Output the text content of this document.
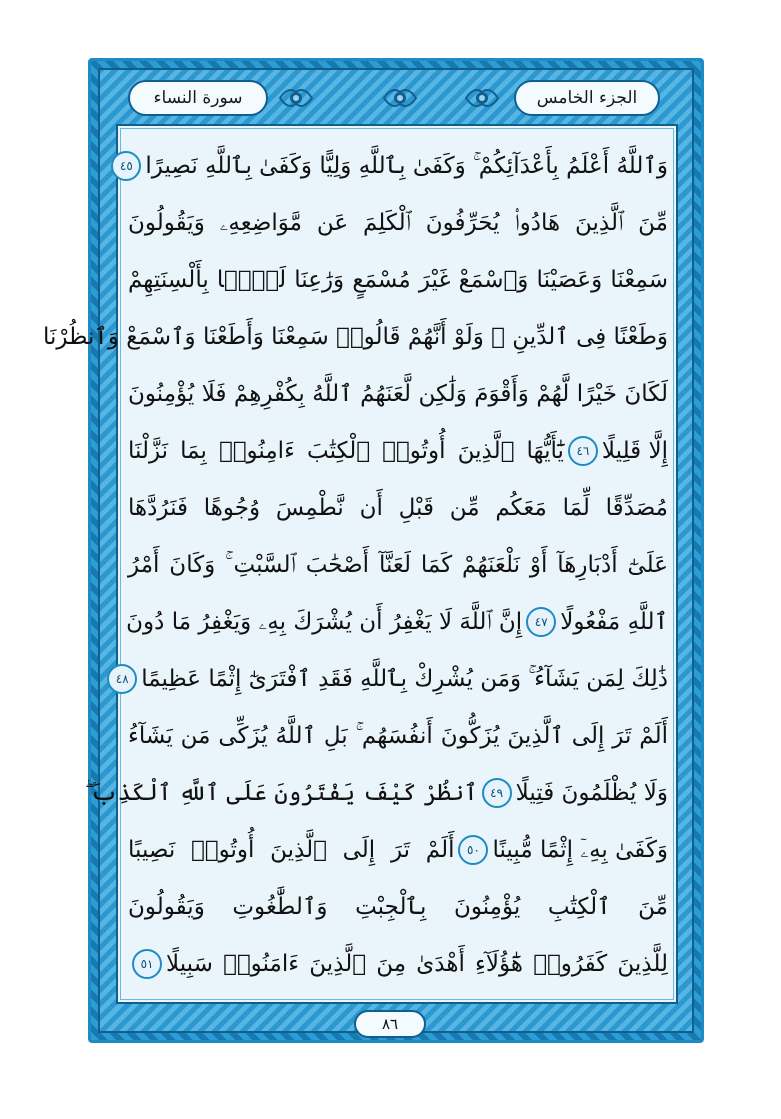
سورة النساء	الجزء الخامس
وَٱللَّهُ أَعْلَمُ بِأَعْدَآئِكُمْ ۚ وَكَفَىٰ بِٱللَّهِ وَلِيًّا وَكَفَىٰ بِٱللَّهِ نَصِيرًا
٤٥
مِّنَ ٱلَّذِينَ هَادُوا۟ يُحَرِّفُونَ ٱلْكَلِمَ عَن مَّوَاضِعِهِۦ وَيَقُولُونَ
سَمِعْنَا وَعَصَيْنَا وَٱسْمَعْ غَيْرَ مُسْمَعٍ وَرَٰعِنَا لَيًّۢا بِأَلْسِنَتِهِمْ
وَطَعْنًا فِى ٱلدِّينِ ۚ وَلَوْ أَنَّهُمْ قَالُوا۟ سَمِعْنَا وَأَطَعْنَا وَٱسْمَعْ وَٱنظُرْنَا
لَكَانَ خَيْرًا لَّهُمْ وَأَقْوَمَ وَلَٰكِن لَّعَنَهُمُ ٱللَّهُ بِكُفْرِهِمْ فَلَا يُؤْمِنُونَ
إِلَّا قَلِيلًا
٤٦
يَٰٓأَيُّهَا ٱلَّذِينَ أُوتُوا۟ ٱلْكِتَٰبَ ءَامِنُوا۟ بِمَا نَزَّلْنَا
مُصَدِّقًا لِّمَا مَعَكُم مِّن قَبْلِ أَن نَّطْمِسَ وُجُوهًا فَنَرُدَّهَا
عَلَىٰٓ أَدْبَارِهَآ أَوْ نَلْعَنَهُمْ كَمَا لَعَنَّآ أَصْحَٰبَ ٱلسَّبْتِ ۚ وَكَانَ أَمْرُ
ٱللَّهِ مَفْعُولًا
٤٧
إِنَّ ٱللَّهَ لَا يَغْفِرُ أَن يُشْرَكَ بِهِۦ وَيَغْفِرُ مَا دُونَ
ذَٰلِكَ لِمَن يَشَآءُ ۚ وَمَن يُشْرِكْ بِٱللَّهِ فَقَدِ ٱفْتَرَىٰٓ إِثْمًا عَظِيمًا
٤٨
أَلَمْ تَرَ إِلَى ٱلَّذِينَ يُزَكُّونَ أَنفُسَهُم ۚ بَلِ ٱللَّهُ يُزَكِّى مَن يَشَآءُ
وَلَا يُظْلَمُونَ فَتِيلًا
٤٩
ٱنظُرْ كَيْفَ يَفْتَرُونَ عَلَى ٱللَّهِ ٱلْكَذِبَ ۖ
وَكَفَىٰ بِهِۦٓ إِثْمًا مُّبِينًا
٥٠
أَلَمْ تَرَ إِلَى ٱلَّذِينَ أُوتُوا۟ نَصِيبًا
مِّنَ ٱلْكِتَٰبِ يُؤْمِنُونَ بِٱلْجِبْتِ وَٱلطَّٰغُوتِ وَيَقُولُونَ
لِلَّذِينَ كَفَرُوا۟ هَٰٓؤُلَآءِ أَهْدَىٰ مِنَ ٱلَّذِينَ ءَامَنُوا۟ سَبِيلًا
٥١
٨٦
